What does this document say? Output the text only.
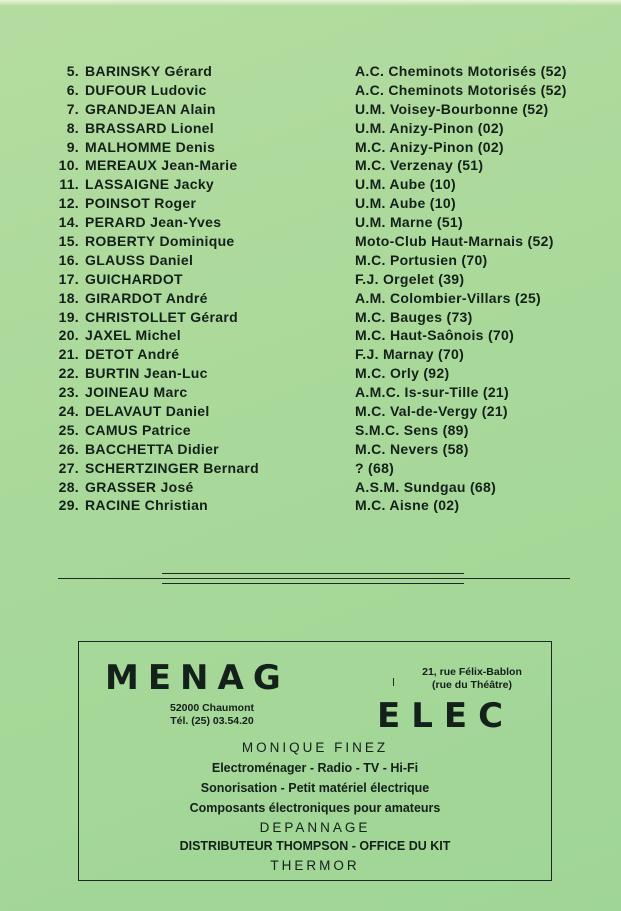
5. BARINSKY Gérard	A.C. Cheminots Motorisés (52)
6. DUFOUR Ludovic	A.C. Cheminots Motorisés (52)
7. GRANDJEAN Alain	U.M. Voisey-Bourbonne (52)
8. BRASSARD Lionel	U.M. Anizy-Pinon (02)
9. MALHOMME Denis	M.C. Anizy-Pinon (02)
10. MEREAUX Jean-Marie	M.C. Verzenay (51)
11. LASSAIGNE Jacky	U.M. Aube (10)
12. POINSOT Roger	U.M. Aube (10)
14. PERARD Jean-Yves	U.M. Marne (51)
15. ROBERTY Dominique	Moto-Club Haut-Marnais (52)
16. GLAUSS Daniel	M.C. Portusien (70)
17. GUICHARDOT	F.J. Orgelet (39)
18. GIRARDOT André	A.M. Colombier-Villars (25)
19. CHRISTOLLET Gérard	M.C. Bauges (73)
20. JAXEL Michel	M.C. Haut-Saônois (70)
21. DETOT André	F.J. Marnay (70)
22. BURTIN Jean-Luc	M.C. Orly (92)
23. JOINEAU Marc	A.M.C. Is-sur-Tille (21)
24. DELAVAUT Daniel	M.C. Val-de-Vergy (21)
25. CAMUS Patrice	S.M.C. Sens (89)
26. BACCHETTA Didier	M.C. Nevers (58)
27. SCHERTZINGER Bernard	? (68)
28. GRASSER José	A.S.M. Sundgau (68)
29. RACINE Christian	M.C. Aisne (02)
MENAG	21, rue Félix-Bablon
(rue du Théâtre)
52000 Chaumont
Tél. (25) 03.54.20	ELEC
MONIQUE FINEZ
Electroménager - Radio - TV - Hi-Fi
Sonorisation - Petit matériel électrique
Composants électroniques pour amateurs
DEPANNAGE
DISTRIBUTEUR THOMPSON - OFFICE DU KIT
THERMOR
